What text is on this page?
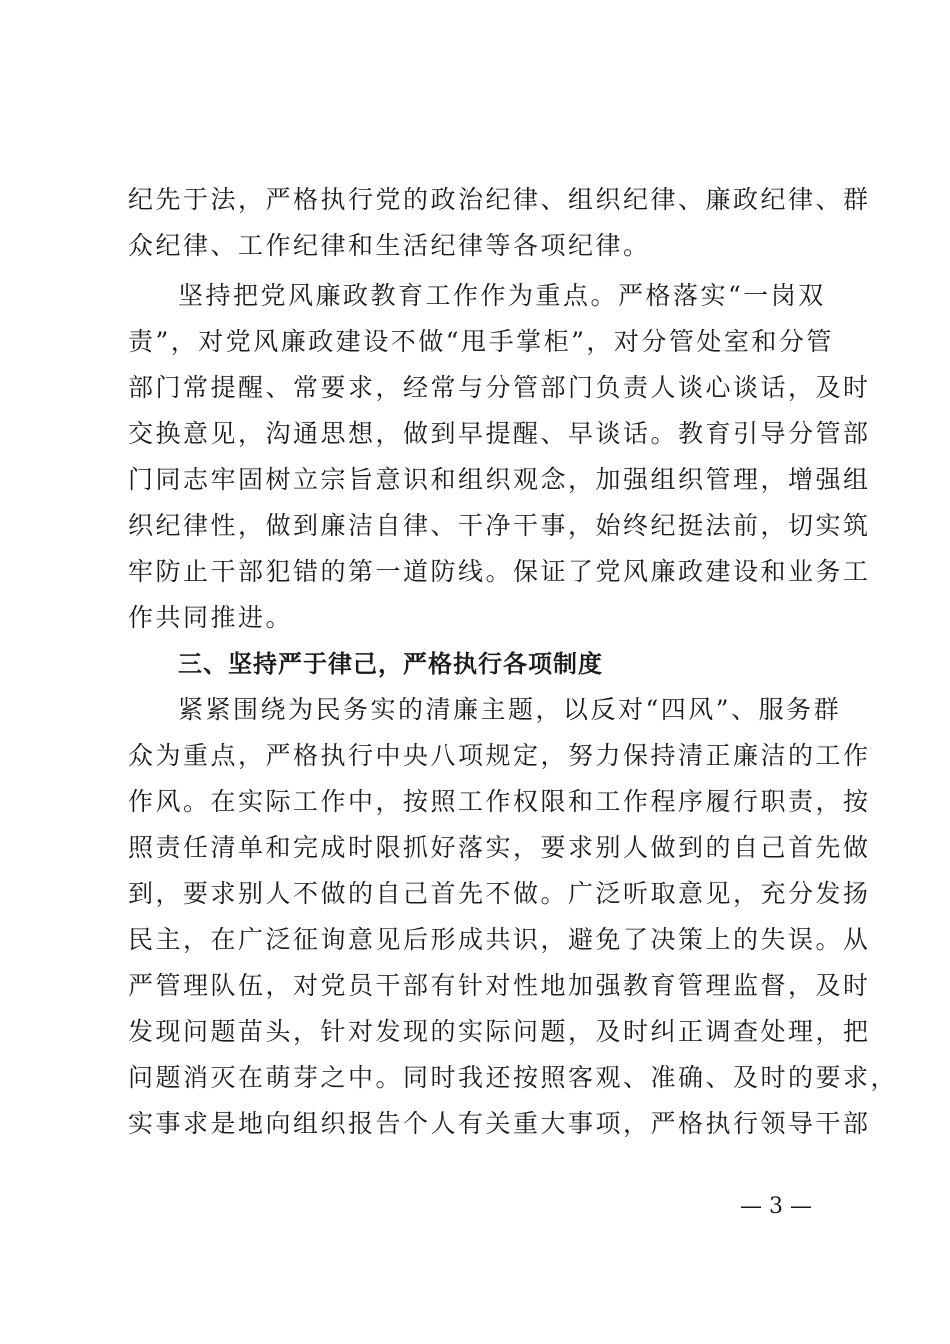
纪先于法，严格执行党的政治纪律、组织纪律、廉政纪律、群
众纪律、工作纪律和生活纪律等各项纪律。
坚持把党风廉政教育工作作为重点。严格落实“一岗双
责”，对党风廉政建设不做“甩手掌柜”，对分管处室和分管
部门常提醒、常要求，经常与分管部门负责人谈心谈话，及时
交换意见，沟通思想，做到早提醒、早谈话。教育引导分管部
门同志牢固树立宗旨意识和组织观念，加强组织管理，增强组
织纪律性，做到廉洁自律、干净干事，始终纪挺法前，切实筑
牢防止干部犯错的第一道防线。保证了党风廉政建设和业务工
作共同推进。
三、坚持严于律己，严格执行各项制度
紧紧围绕为民务实的清廉主题，以反对“四风”、服务群
众为重点，严格执行中央八项规定，努力保持清正廉洁的工作
作风。在实际工作中，按照工作权限和工作程序履行职责，按
照责任清单和完成时限抓好落实，要求别人做到的自己首先做
到，要求别人不做的自己首先不做。广泛听取意见，充分发扬
民主，在广泛征询意见后形成共识，避免了决策上的失误。从
严管理队伍，对党员干部有针对性地加强教育管理监督，及时
发现问题苗头，针对发现的实际问题，及时纠正调查处理，把
问题消灭在萌芽之中。同时我还按照客观、准确、及时的要求，
实事求是地向组织报告个人有关重大事项，严格执行领导干部
— 3 —
